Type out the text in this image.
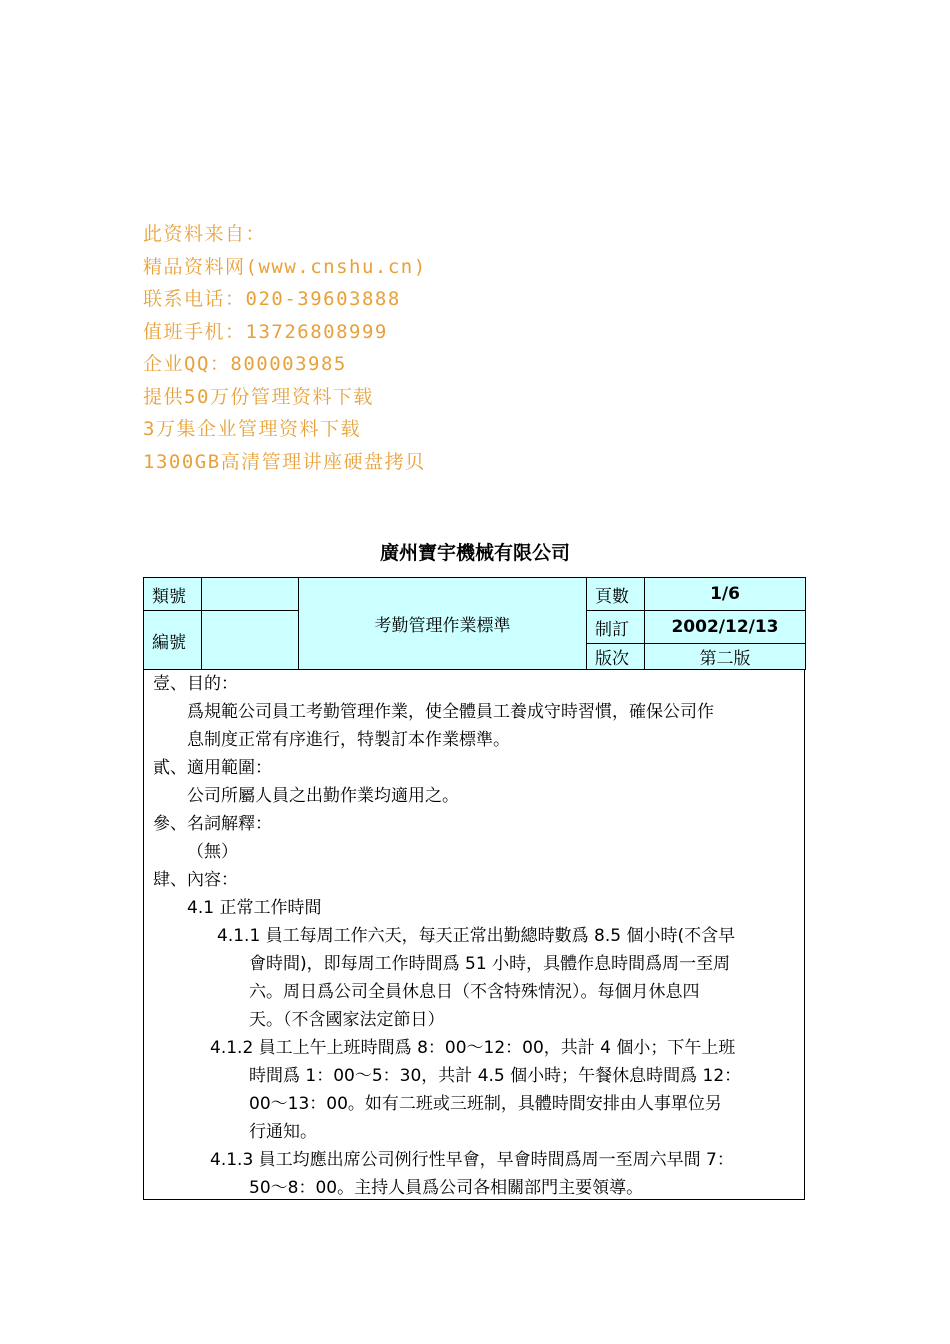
此资料来自：
精品资料网(www.cnshu.cn)
联系电话：020-39603888
值班手机：13726808999
企业QQ：800003985
提供50万份管理资料下载
3万集企业管理资料下载
1300GB高清管理讲座硬盘拷贝
廣州寶宇機械有限公司
類號		考勤管理作業標準	頁數	1/6
編號			制訂	2002/12/13
			版次	第二版
壹、目的：
爲規範公司員工考勤管理作業，使全體員工養成守時習慣，確保公司作
息制度正常有序進行，特製訂本作業標準。
貳、適用範圍：
公司所屬人員之出勤作業均適用之。
參、名詞解釋：
（無）
肆、內容：
4.1 正常工作時間
4.1.1 員工每周工作六天，每天正常出勤總時數爲 8.5 個小時(不含早
會時間)，即每周工作時間爲 51 小時，具體作息時間爲周一至周
六。周日爲公司全員休息日（不含特殊情況）。每個月休息四
天。（不含國家法定節日）
4.1.2 員工上午上班時間爲 8：00～12：00，共計 4 個小；下午上班
時間爲 1：00～5：30，共計 4.5 個小時；午餐休息時間爲 12：
00～13：00。如有二班或三班制，具體時間安排由人事單位另
行通知。
4.1.3 員工均應出席公司例行性早會，早會時間爲周一至周六早間 7：
50～8：00。主持人員爲公司各相關部門主要領導。
